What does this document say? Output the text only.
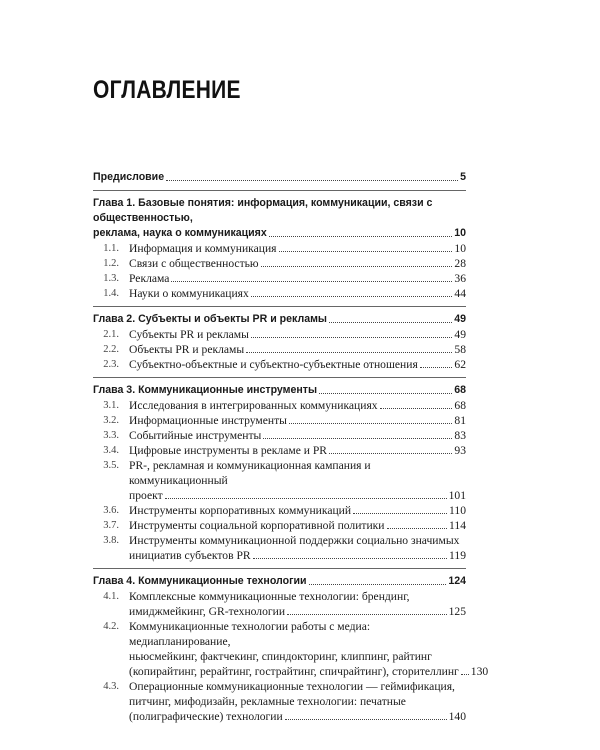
ОГЛАВЛЕНИЕ
Предисловие	5
Глава 1. Базовые понятия: информация, коммуникации, связи с общественностью,
реклама, наука о коммуникациях	10
1.1. Информация и коммуникация	10
1.2. Связи с общественностью	28
1.3. Реклама	36
1.4. Науки о коммуникациях	44
Глава 2. Субъекты и объекты PR и рекламы	49
2.1. Субъекты PR и рекламы	49
2.2. Объекты PR и рекламы	58
2.3. Субъектно-объектные и субъектно-субъектные отношения	62
Глава 3. Коммуникационные инструменты	68
3.1. Исследования в интегрированных коммуникациях	68
3.2. Информационные инструменты	81
3.3. Событийные инструменты	83
3.4. Цифровые инструменты в рекламе и PR	93
3.5. PR-, рекламная и коммуникационная кампания и коммуникационный
проект	101
3.6. Инструменты корпоративных коммуникаций	110
3.7. Инструменты социальной корпоративной политики	114
3.8. Инструменты коммуникационной поддержки социально значимых
инициатив субъектов PR	119
Глава 4. Коммуникационные технологии	124
4.1. Комплексные коммуникационные технологии: брендинг,
имиджмейкинг, GR-технологии	125
4.2. Коммуникационные технологии работы с медиа: медиапланирование,
ньюсмейкинг, фактчекинг, спиндокторинг, клиппинг, райтинг
(копирайтинг, рерайтинг, гострайтинг, спичрайтинг), сторителлинг 130
4.3. Операционные коммуникационные технологии — геймификация,
питчинг, мифодизайн, рекламные технологии: печатные
(полиграфические) технологии	140
